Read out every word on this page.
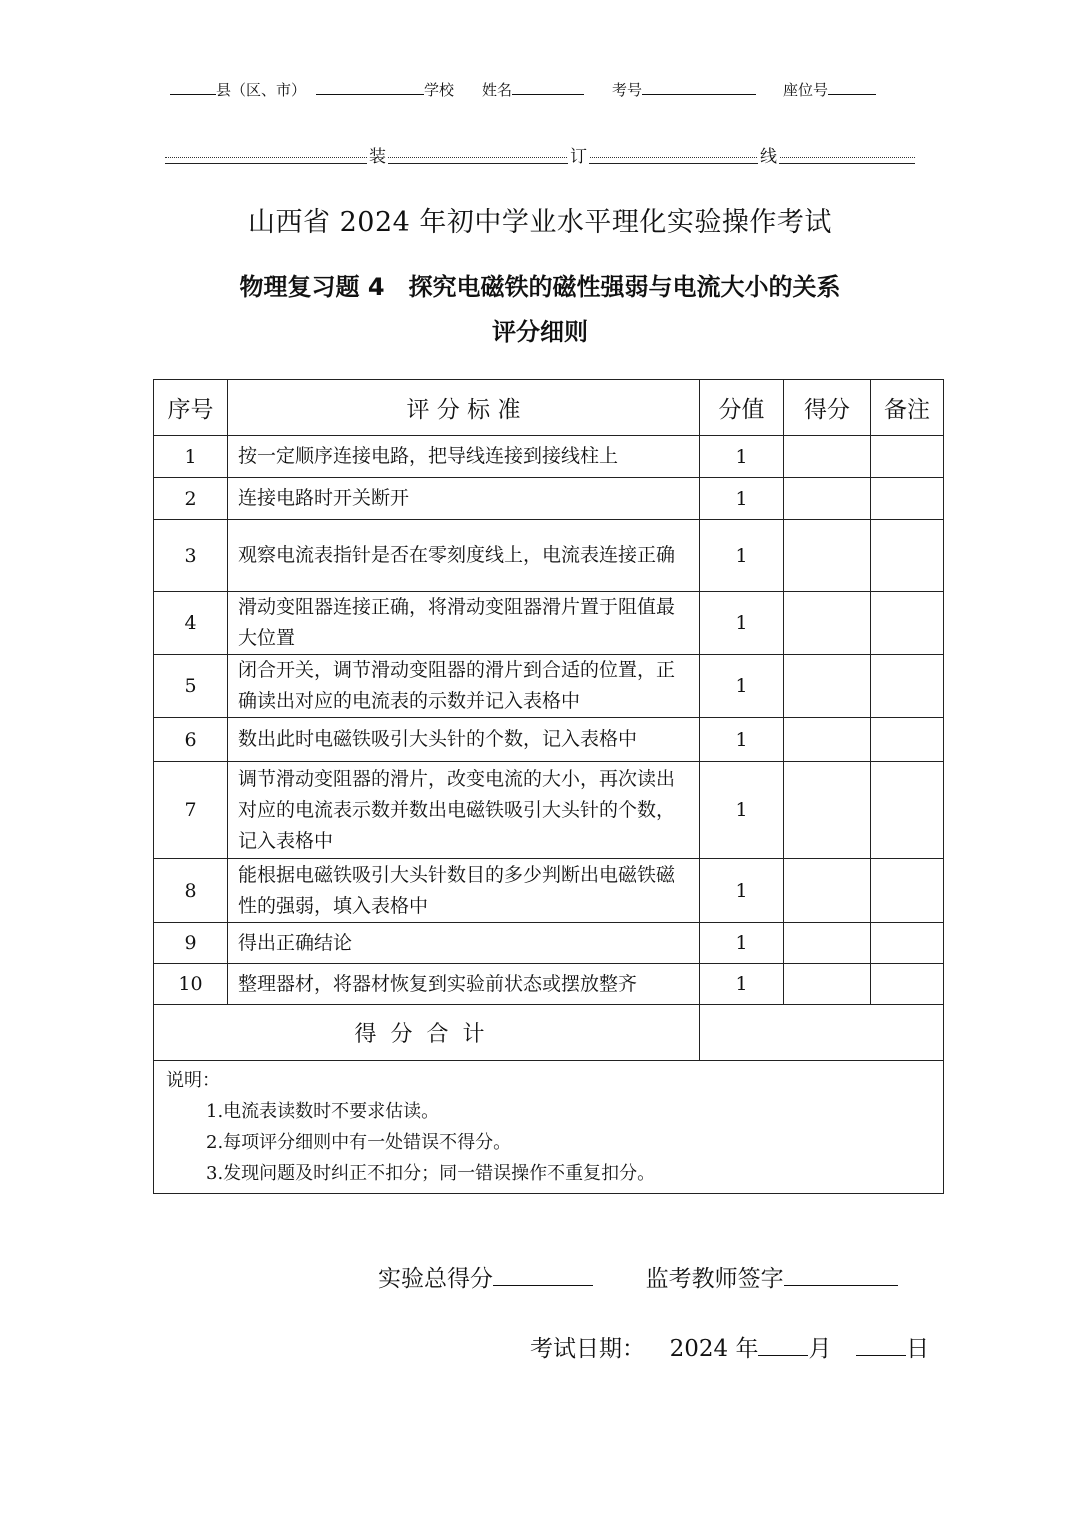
县（区、市）	学校 姓名	考号	座位号
装	订	线
山西省 2024 年初中学业水平理化实验操作考试
物理复习题 4　探究电磁铁的磁性强弱与电流大小的关系
评分细则
序号	评 分 标 准	分值	得分	备注
1	按一定顺序连接电路，把导线连接到接线柱上	1		
2	连接电路时开关断开	1		
3	观察电流表指针是否在零刻度线上，电流表连接正确	1		
4	滑动变阻器连接正确，将滑动变阻器滑片置于阻值最大位置	1		
5	闭合开关，调节滑动变阻器的滑片到合适的位置，正确读出对应的电流表的示数并记入表格中	1		
6	数出此时电磁铁吸引大头针的个数，记入表格中	1		
7	调节滑动变阻器的滑片，改变电流的大小，再次读出对应的电流表示数并数出电磁铁吸引大头针的个数，记入表格中	1		
8	能根据电磁铁吸引大头针数目的多少判断出电磁铁磁性的强弱，填入表格中	1		
9	得出正确结论	1		
10	整理器材，将器材恢复到实验前状态或摆放整齐	1		
得分合计				

说明：
1.电流表读数时不要求估读。
2.每项评分细则中有一处错误不得分。
3.发现问题及时纠正不扣分；同一错误操作不重复扣分。				
实验总得分	监考教师签字
考试日期： 2024 年 月	日
